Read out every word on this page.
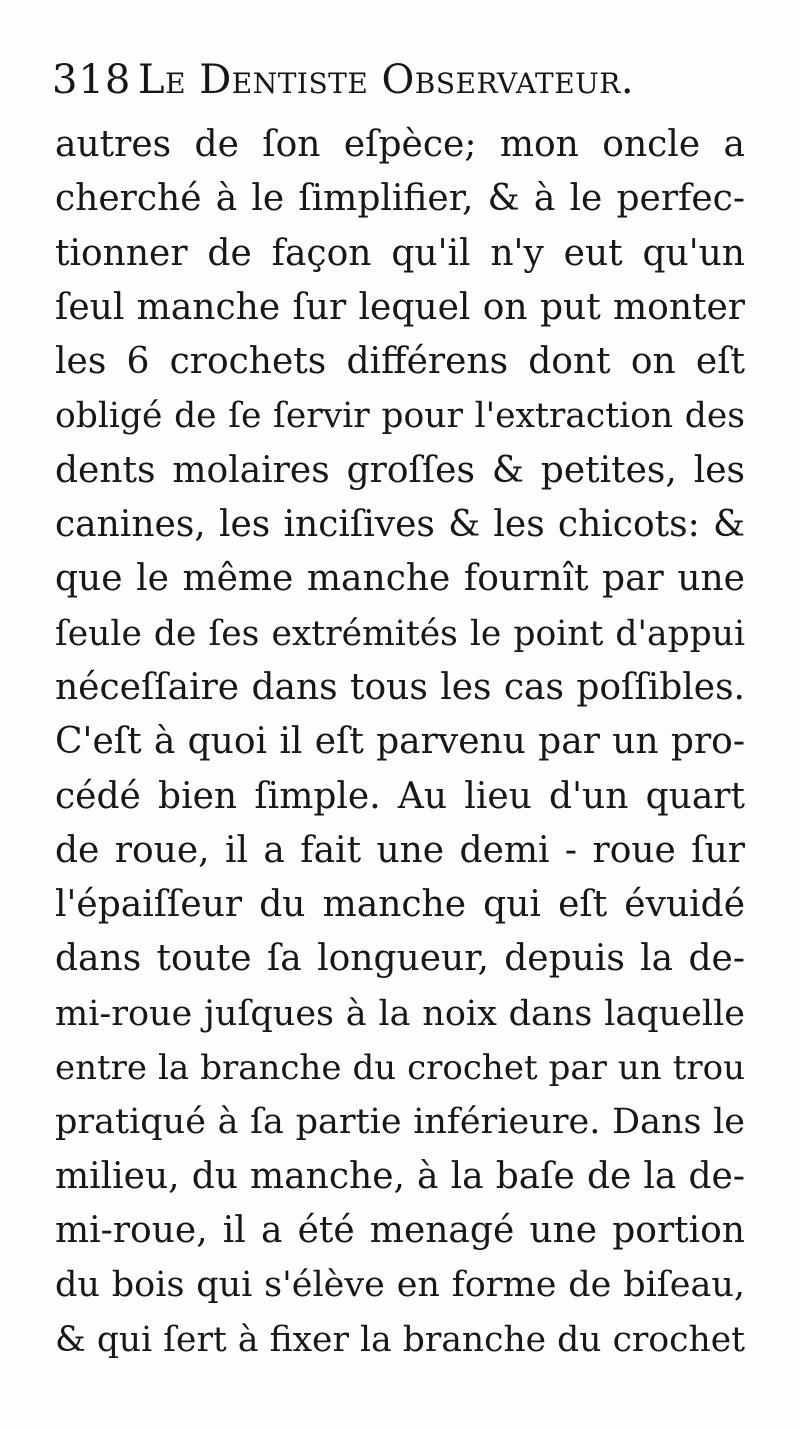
318 Le Dentiste Observateur.
autres de ſon eſpèce; mon oncle a
cherché à le ſimplifier, & à le perfec-
tionner de façon qu'il n'y eut qu'un
ſeul manche ſur lequel on put monter
les 6 crochets différens dont on eſt
obligé de ſe ſervir pour l'extraction des
dents molaires groſſes & petites, les
canines, les inciſives & les chicots: &
que le même manche fournît par une
ſeule de ſes extrémités le point d'appui
néceſſaire dans tous les cas poſſibles.
C'eſt à quoi il eſt parvenu par un pro-
cédé bien ſimple. Au lieu d'un quart
de roue, il a fait une demi - roue ſur
l'épaiſſeur du manche qui eſt évuidé
dans toute ſa longueur, depuis la de-
mi-roue juſques à la noix dans laquelle
entre la branche du crochet par un trou
pratiqué à ſa partie inférieure. Dans le
milieu, du manche, à la baſe de la de-
mi-roue, il a été menagé une portion
du bois qui s'élève en forme de biſeau,
& qui ſert à fixer la branche du crochet
